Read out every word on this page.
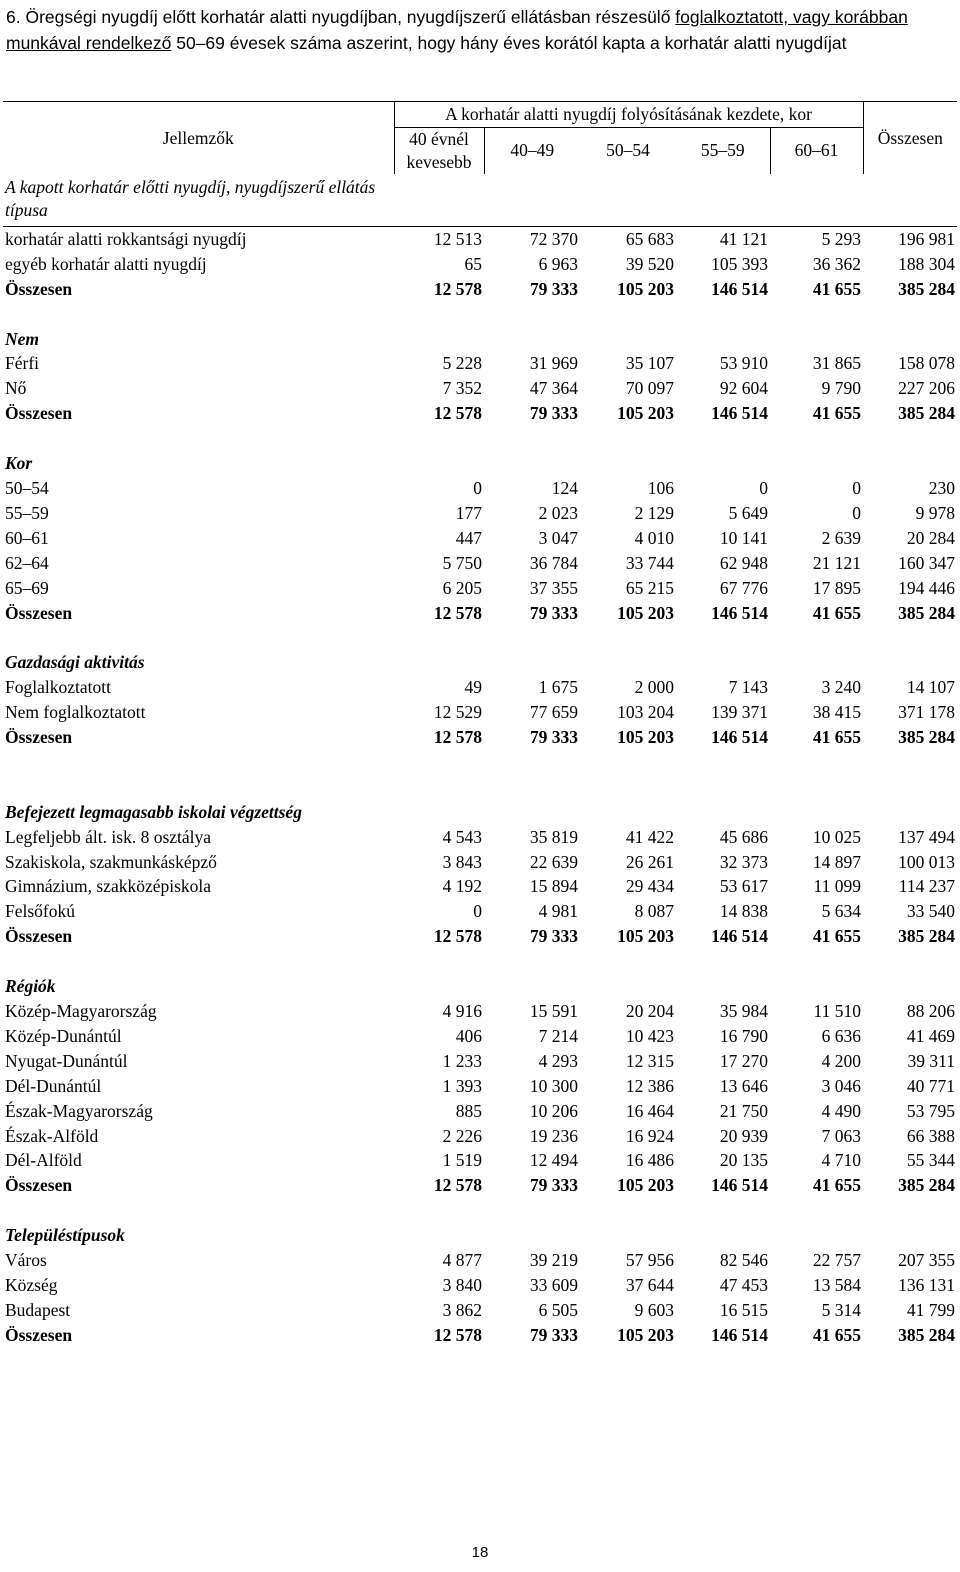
6. Öregségi nyugdíj előtt korhatár alatti nyugdíjban, nyugdíjszerű ellátásban részesülő foglalkoztatott, vagy korábban munkával rendelkező 50–69 évesek száma aszerint, hogy hány éves korától kapta a korhatár alatti nyugdíjat
Jellemzők	A korhatár alatti nyugdíj folyósításának kezdete, kor					Összesen
	40 évnél kevesebb	40–49	50–54	55–59	60–61	
A kapott korhatár előtti nyugdíj, nyugdíjszerű ellátás típusa						
korhatár alatti rokkantsági nyugdíj	12 513	72 370	65 683	41 121	5 293	196 981
egyéb korhatár alatti nyugdíj	65	6 963	39 520	105 393	36 362	188 304
Összesen	12 578	79 333	105 203	146 514	41 655	385 284

Nem						
Férfi	5 228	31 969	35 107	53 910	31 865	158 078
Nő	7 352	47 364	70 097	92 604	9 790	227 206
Összesen	12 578	79 333	105 203	146 514	41 655	385 284

Kor						
50–54	0	124	106	0	0	230
55–59	177	2 023	2 129	5 649	0	9 978
60–61	447	3 047	4 010	10 141	2 639	20 284
62–64	5 750	36 784	33 744	62 948	21 121	160 347
65–69	6 205	37 355	65 215	67 776	17 895	194 446
Összesen	12 578	79 333	105 203	146 514	41 655	385 284

Gazdasági aktivitás						
Foglalkoztatott	49	1 675	2 000	7 143	3 240	14 107
Nem foglalkoztatott	12 529	77 659	103 204	139 371	38 415	371 178
Összesen	12 578	79 333	105 203	146 514	41 655	385 284

Befejezett legmagasabb iskolai végzettség						
Legfeljebb ált. isk. 8 osztálya	4 543	35 819	41 422	45 686	10 025	137 494
Szakiskola, szakmunkásképző	3 843	22 639	26 261	32 373	14 897	100 013
Gimnázium, szakközépiskola	4 192	15 894	29 434	53 617	11 099	114 237
Felsőfokú	0	4 981	8 087	14 838	5 634	33 540
Összesen	12 578	79 333	105 203	146 514	41 655	385 284

Régiók						
Közép-Magyarország	4 916	15 591	20 204	35 984	11 510	88 206
Közép-Dunántúl	406	7 214	10 423	16 790	6 636	41 469
Nyugat-Dunántúl	1 233	4 293	12 315	17 270	4 200	39 311
Dél-Dunántúl	1 393	10 300	12 386	13 646	3 046	40 771
Észak-Magyarország	885	10 206	16 464	21 750	4 490	53 795
Észak-Alföld	2 226	19 236	16 924	20 939	7 063	66 388
Dél-Alföld	1 519	12 494	16 486	20 135	4 710	55 344
Összesen	12 578	79 333	105 203	146 514	41 655	385 284

Településtípusok						
Város	4 877	39 219	57 956	82 546	22 757	207 355
Község	3 840	33 609	37 644	47 453	13 584	136 131
Budapest	3 862	6 505	9 603	16 515	5 314	41 799
Összesen	12 578	79 333	105 203	146 514	41 655	385 284
18
